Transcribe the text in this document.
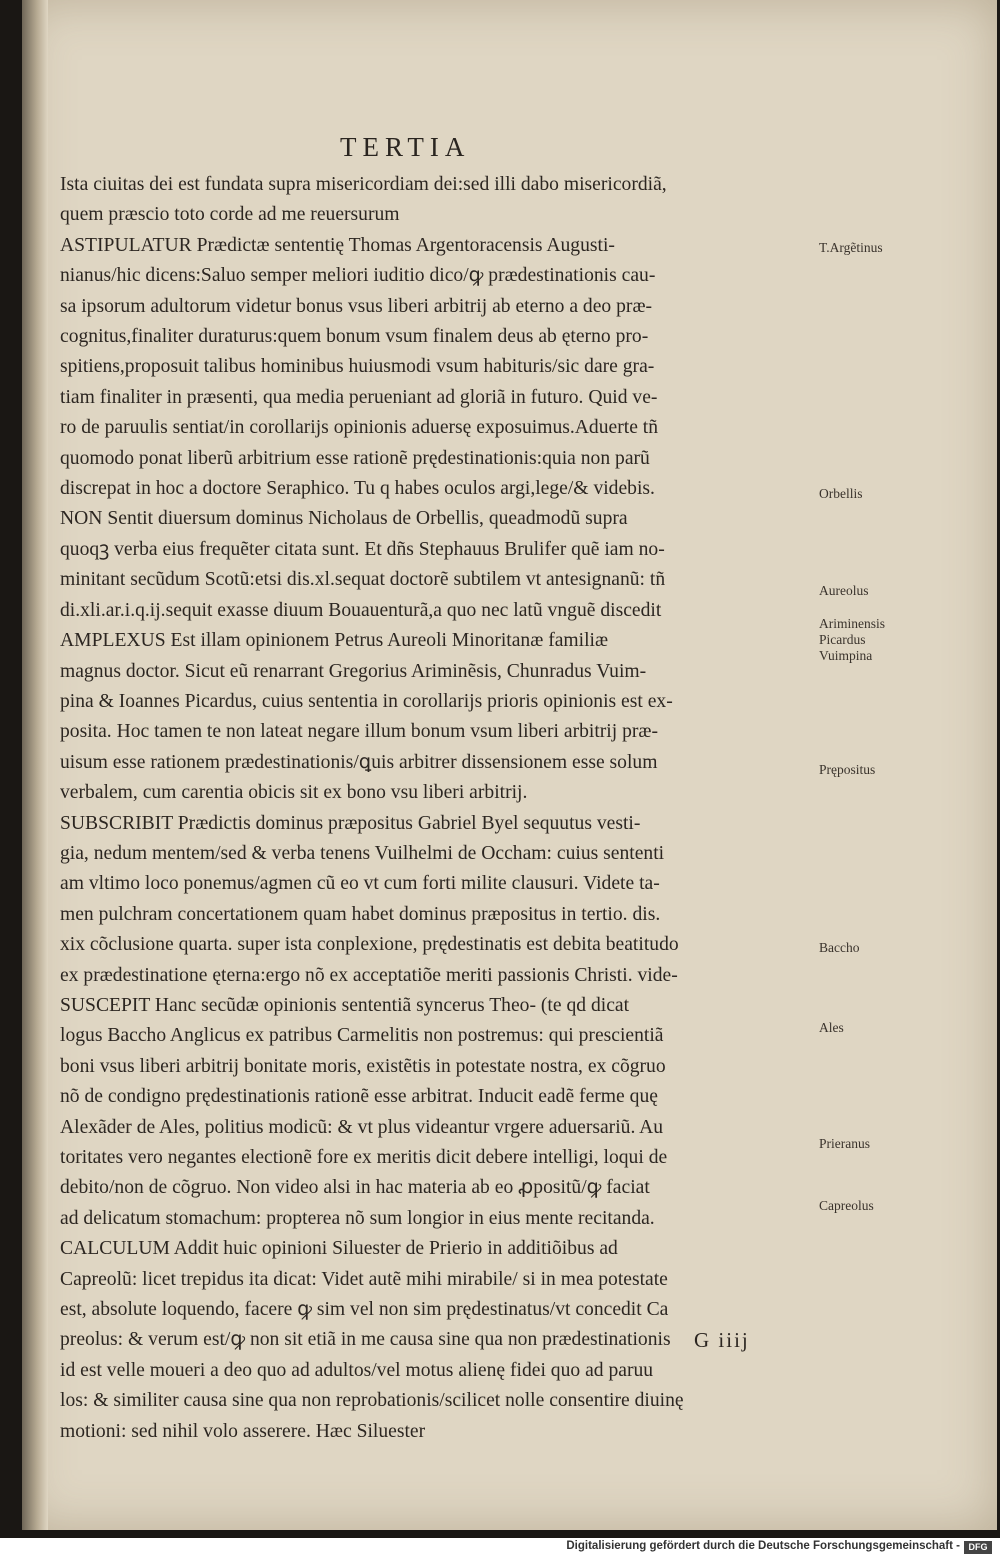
TERTIA

Ista ciuitas dei est fundata supra misericordiam dei:sed illi dabo misericordiã,
quem præscio toto corde ad me reuersurum
ASTIPULATUR Prædictæ sententię Thomas Argentoracensis Augusti-
nianus/hic dicens:Saluo semper meliori iuditio dico/ꝙ prædestinationis cau-
sa ipsorum adultorum videtur bonus vsus liberi arbitrij ab eterno a deo præ-
cognitus,finaliter duraturus:quem bonum vsum finalem deus ab ęterno pro-
spitiens,proposuit talibus hominibus huiusmodi vsum habituris/sic dare gra-
tiam finaliter in præsenti, qua media perueniant ad gloriã in futuro. Quid ve-
ro de paruulis sentiat/in corollarijs opinionis aduersę exposuimus.Aduerte tñ
quomodo ponat liberũ arbitrium esse rationẽ prędestinationis:quia non parũ
discrepat in hoc a doctore Seraphico. Tu q habes oculos argi,lege/& videbis.
NON Sentit diuersum dominus Nicholaus de Orbellis, queadmodũ supra
quoqꝫ verba eius frequẽter citata sunt. Et dñs Stephauus Brulifer quẽ iam no-
minitant secũdum Scotũ:etsi dis.xl.sequat doctorẽ subtilem vt antesignanũ: tñ
di.xli.ar.i.q.ij.sequit exasse diuum Bouauenturã,a quo nec latũ vnguẽ discedit
AMPLEXUS Est illam opinionem Petrus Aureoli Minoritanæ familiæ
magnus doctor. Sicut eũ renarrant Gregorius Ariminẽsis, Chunradus Vuim-
pina & Ioannes Picardus, cuius sententia in corollarijs prioris opinionis est ex-
posita. Hoc tamen te non lateat negare illum bonum vsum liberi arbitrij præ-
uisum esse rationem prædestinationis/ꝗuis arbitrer dissensionem esse solum
verbalem, cum carentia obicis sit ex bono vsu liberi arbitrij.
SUBSCRIBIT Prædictis dominus præpositus Gabriel Byel sequutus vesti-
gia, nedum mentem/sed & verba tenens Vuilhelmi de Occham: cuius sententi
am vltimo loco ponemus/agmen cũ eo vt cum forti milite clausuri. Videte ta-
men pulchram concertationem quam habet dominus præpositus in tertio. dis.
xix cõclusione quarta. super ista conplexione, prędestinatis est debita beatitudo
ex prædestinatione ęterna:ergo nõ ex acceptatiõe meriti passionis Christi. vide-
SUSCEPIT Hanc secũdæ opinionis sententiã syncerus Theo- (te qd dicat
logus Baccho Anglicus ex patribus Carmelitis non postremus: qui prescientiã
boni vsus liberi arbitrij bonitate moris, existẽtis in potestate nostra, ex cõgruo
nõ de condigno prędestinationis rationẽ esse arbitrat. Inducit eadẽ ferme quę
Alexãder de Ales, politius modicũ: & vt plus videantur vrgere aduersariũ. Au
toritates vero negantes electionẽ fore ex meritis dicit debere intelligi, loqui de
debito/non de cõgruo. Non video alsi in hac materia ab eo ꝓpositũ/ꝙ faciat
ad delicatum stomachum: propterea nõ sum longior in eius mente recitanda.
CALCULUM Addit huic opinioni Siluester de Prierio in additiõibus ad
Capreolũ: licet trepidus ita dicat: Videt autẽ mihi mirabile/ si in mea potestate
est, absolute loquendo, facere ꝙ sim vel non sim prędestinatus/vt concedit Ca
preolus: & verum est/ꝙ non sit etiã in me causa sine qua non prædestinationis
id est velle moueri a deo quo ad adultos/vel motus alienę fidei quo ad paruu
los: & similiter causa sine qua non reprobationis/scilicet nolle consentire diuinę
motioni: sed nihil volo asserere. Hæc Siluester

T.Argẽtinus
Orbellis
Aureolus
Ariminensis
Picardus
Vuimpina
Prępositus
Baccho
Ales
Prieranus
Capreolus
G iiij
Digitalisierung gefördert durch die Deutsche Forschungsgemeinschaft - DFG
